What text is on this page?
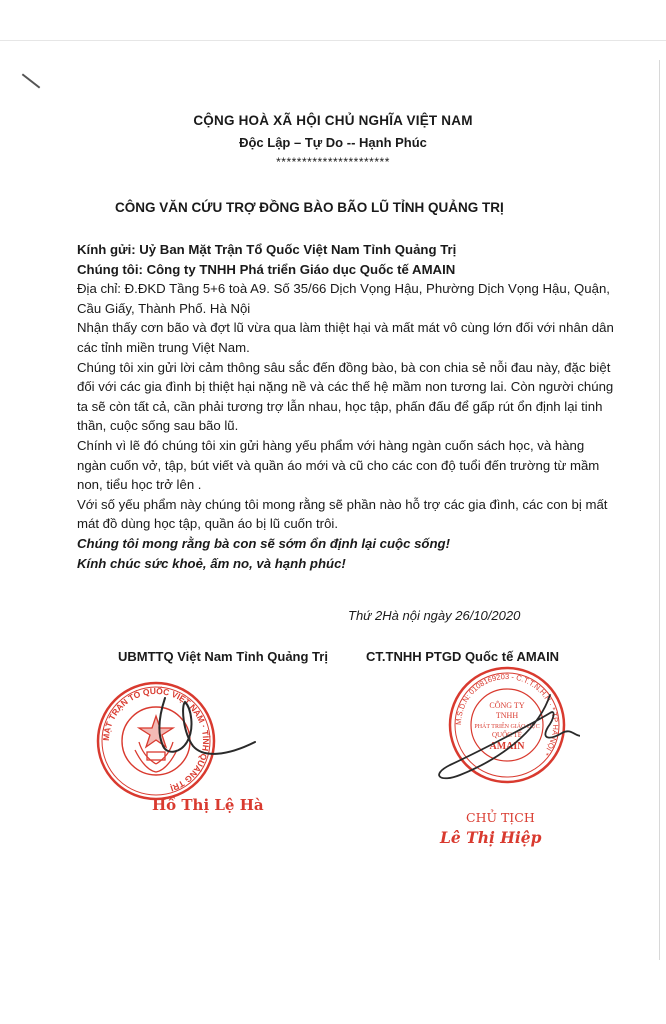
CỘNG HOÀ XÃ HỘI CHỦ NGHĨA VIỆT NAM
Độc Lập – Tự Do -- Hạnh Phúc
**********************
CÔNG VĂN CỨU TRỢ ĐỒNG BÀO BÃO LŨ TỈNH QUẢNG TRỊ

Kính gửi: Uỷ Ban Mặt Trận Tổ Quốc Việt Nam Tỉnh Quảng Trị

Chúng tôi: Công ty TNHH Phá triển Giáo dục Quốc tế AMAIN

Địa chỉ: Đ.ĐKD Tầng 5+6 toà A9. Số 35/66 Dịch Vọng Hậu, Phường Dịch Vọng Hậu, Quận, Cầu Giấy, Thành Phố. Hà Nội

Nhận thấy cơn bão và đợt lũ vừa qua làm thiệt hại và mất mát vô cùng lớn đối với nhân dân các tỉnh miền trung Việt Nam.

Chúng tôi xin gửi lời cảm thông sâu sắc đến đồng bào, bà con chia sẻ nỗi đau này, đặc biệt đối với các gia đình bị thiệt hại nặng nề và các thế hệ mầm non tương lai. Còn người chúng ta sẽ còn tất cả, cần phải tương trợ lẫn nhau, học tập, phấn đấu để gấp rút ổn định lại tinh thần, cuộc sống sau bão lũ.

Chính vì lẽ đó chúng tôi xin gửi hàng yếu phẩm với hàng ngàn cuốn sách học, và hàng ngàn cuốn vở, tập, bút viết và quần áo mới và cũ cho các con độ tuổi đến trường từ mầm non, tiểu học trở lên .

Với số yếu phẩm này chúng tôi mong rằng sẽ phần nào hỗ trợ các gia đình, các con bị mất mát đồ dùng học tập, quần áo bị lũ cuốn trôi.

Chúng tôi mong rằng bà con sẽ sớm ổn định lại cuộc sống!

Kính chúc sức khoẻ, ấm no, và hạnh phúc!

Thứ 2Hà nội ngày 26/10/2020
UBMTTQ Việt Nam Tỉnh Quảng Trị	CT.TNHH PTGD Quốc tế AMAIN
MẶT TRẬN TỔ QUỐC VIỆT NAM · TỈNH QUẢNG TRỊ
Hồ Thị Lệ Hà
M.S.D.N: 0108169203 - C.T.T.N.H.H · * TP HÀ NỘI *
CÔNG TY
TNHH
PHÁT TRIỂN GIÁO DỤC
QUỐC TẾ
AMAIN
CHỦ TỊCH
Lê Thị Hiệp
